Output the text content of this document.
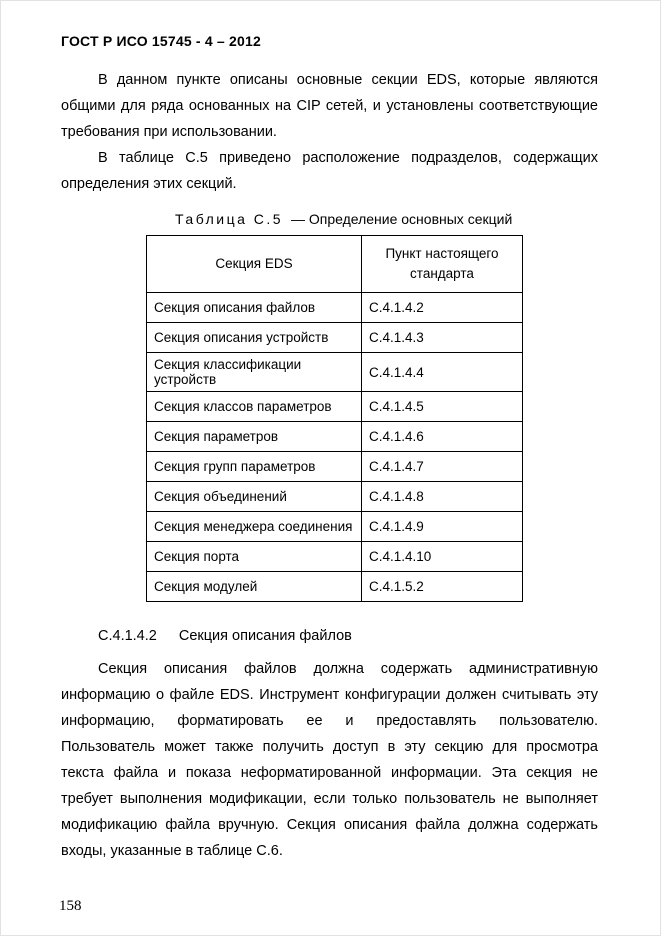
ГОСТ Р ИСО 15745 - 4 – 2012

В данном пункте описаны основные секции EDS, которые являются общими для ряда основанных на CIP сетей, и установлены соответствующие требования при использовании.

В таблице С.5 приведено расположение подразделов, содержащих определения этих секций.

Таблица С.5 — Определение основных секций
Секция EDS	Пункт настоящего стандарта
Секция описания файлов	С.4.1.4.2
Секция описания устройств	С.4.1.4.3
Секция классификации устройств	С.4.1.4.4
Секция классов параметров	С.4.1.4.5
Секция параметров	С.4.1.4.6
Секция групп параметров	С.4.1.4.7
Секция объединений	С.4.1.4.8
Секция менеджера соединения	С.4.1.4.9
Секция порта	С.4.1.4.10
Секция модулей	С.4.1.5.2
С.4.1.4.2 Секция описания файлов

Секция описания файлов должна содержать административную информацию о файле EDS. Инструмент конфигурации должен считывать эту информацию, форматировать ее и предоставлять пользователю. Пользователь может также получить доступ в эту секцию для просмотра текста файла и показа неформатированной информации. Эта секция не требует выполнения модификации, если только пользователь не выполняет модификацию файла вручную. Секция описания файла должна содержать входы, указанные в таблице С.6.

158
